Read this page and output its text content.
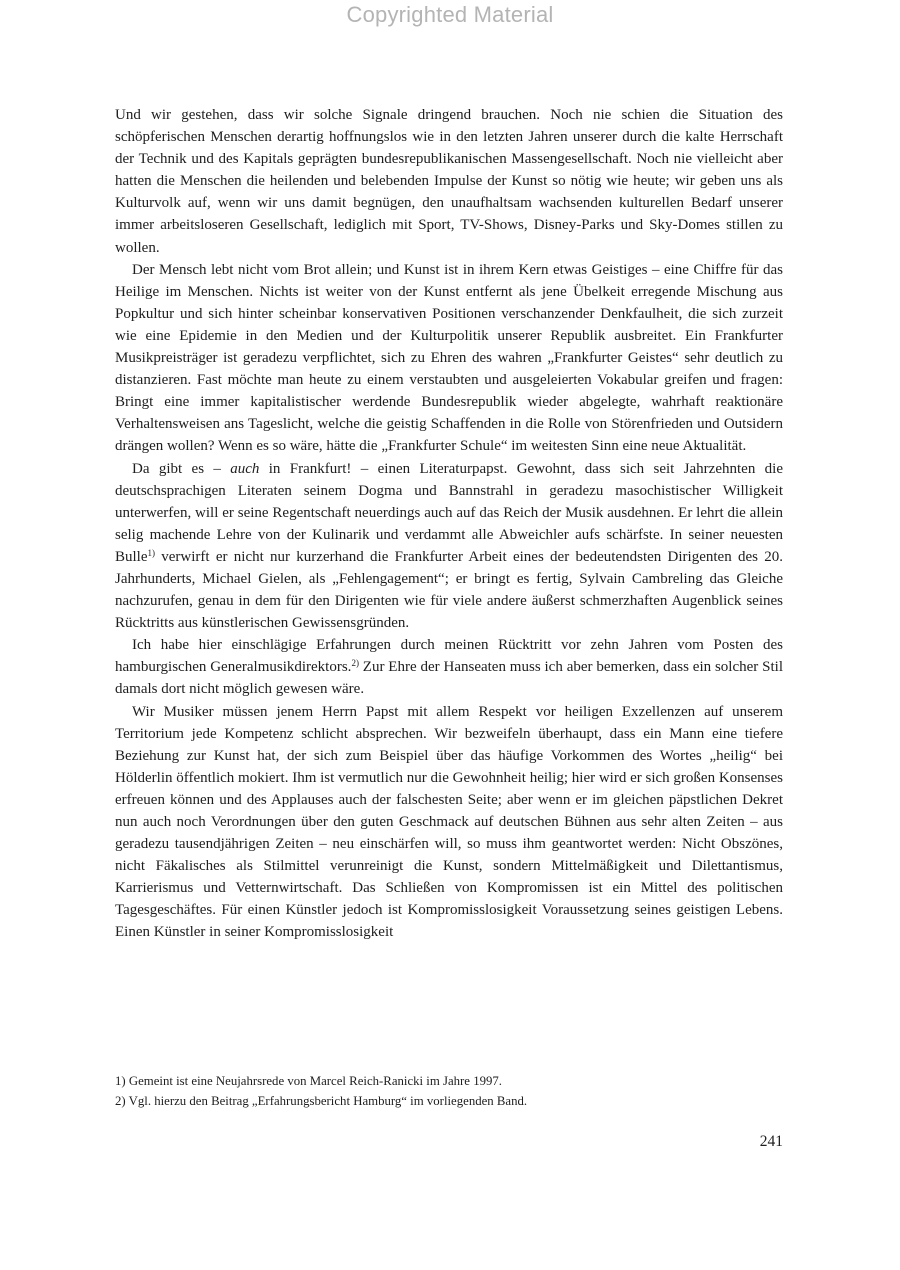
Copyrighted Material

Und wir gestehen, dass wir solche Signale dringend brauchen. Noch nie schien die Situation des schöpferischen Menschen derartig hoffnungslos wie in den letzten Jahren unserer durch die kalte Herrschaft der Technik und des Kapitals geprägten bundesrepublikanischen Massengesellschaft. Noch nie vielleicht aber hatten die Menschen die heilenden und belebenden Impulse der Kunst so nötig wie heute; wir geben uns als Kulturvolk auf, wenn wir uns damit begnügen, den unaufhaltsam wachsenden kulturellen Bedarf unserer immer arbeitsloseren Gesellschaft, lediglich mit Sport, TV-Shows, Disney-Parks und Sky-Domes stillen zu wollen.

Der Mensch lebt nicht vom Brot allein; und Kunst ist in ihrem Kern etwas Geistiges – eine Chiffre für das Heilige im Menschen. Nichts ist weiter von der Kunst entfernt als jene Übelkeit erregende Mischung aus Popkultur und sich hinter scheinbar konservativen Positionen verschanzender Denkfaulheit, die sich zurzeit wie eine Epidemie in den Medien und der Kulturpolitik unserer Republik ausbreitet. Ein Frankfurter Musikpreisträger ist geradezu verpflichtet, sich zu Ehren des wahren „Frankfurter Geistes“ sehr deutlich zu distanzieren. Fast möchte man heute zu einem verstaubten und ausgeleierten Vokabular greifen und fragen: Bringt eine immer kapitalistischer werdende Bundesrepublik wieder abgelegte, wahrhaft reaktionäre Verhaltensweisen ans Tageslicht, welche die geistig Schaffenden in die Rolle von Störenfrieden und Outsidern drängen wollen? Wenn es so wäre, hätte die „Frankfurter Schule“ im weitesten Sinn eine neue Aktualität.

Da gibt es – auch in Frankfurt! – einen Literaturpapst. Gewohnt, dass sich seit Jahrzehnten die deutschsprachigen Literaten seinem Dogma und Bannstrahl in geradezu masochistischer Willigkeit unterwerfen, will er seine Regentschaft neuerdings auch auf das Reich der Musik ausdehnen. Er lehrt die allein selig machende Lehre von der Kulinarik und verdammt alle Abweichler aufs schärfste. In seiner neuesten Bulle$^{1)}$ verwirft er nicht nur kurzerhand die Frankfurter Arbeit eines der bedeutendsten Dirigenten des 20. Jahrhunderts, Michael Gielen, als „Fehlengagement“; er bringt es fertig, Sylvain Cambreling das Gleiche nachzurufen, genau in dem für den Dirigenten wie für viele andere äußerst schmerzhaften Augenblick seines Rücktritts aus künstlerischen Gewissensgründen.

Ich habe hier einschlägige Erfahrungen durch meinen Rücktritt vor zehn Jahren vom Posten des hamburgischen Generalmusikdirektors.$^{2)}$ Zur Ehre der Hanseaten muss ich aber bemerken, dass ein solcher Stil damals dort nicht möglich gewesen wäre.

Wir Musiker müssen jenem Herrn Papst mit allem Respekt vor heiligen Exzellenzen auf unserem Territorium jede Kompetenz schlicht absprechen. Wir bezweifeln überhaupt, dass ein Mann eine tiefere Beziehung zur Kunst hat, der sich zum Beispiel über das häufige Vorkommen des Wortes „heilig“ bei Hölderlin öffentlich mokiert. Ihm ist vermutlich nur die Gewohnheit heilig; hier wird er sich großen Konsenses erfreuen können und des Applauses auch der falschesten Seite; aber wenn er im gleichen päpstlichen Dekret nun auch noch Verordnungen über den guten Geschmack auf deutschen Bühnen aus sehr alten Zeiten – aus geradezu tausendjährigen Zeiten – neu einschärfen will, so muss ihm geantwortet werden: Nicht Obszönes, nicht Fäkalisches als Stilmittel verunreinigt die Kunst, sondern Mittelmäßigkeit und Dilettantismus, Karrierismus und Vetternwirtschaft. Das Schließen von Kompromissen ist ein Mittel des politischen Tagesgeschäftes. Für einen Künstler jedoch ist Kompromisslosigkeit Voraussetzung seines geistigen Lebens. Einen Künstler in seiner Kompromisslosigkeit

1) Gemeint ist eine Neujahrsrede von Marcel Reich-Ranicki im Jahre 1997.

2) Vgl. hierzu den Beitrag „Erfahrungsbericht Hamburg“ im vorliegenden Band.

241
